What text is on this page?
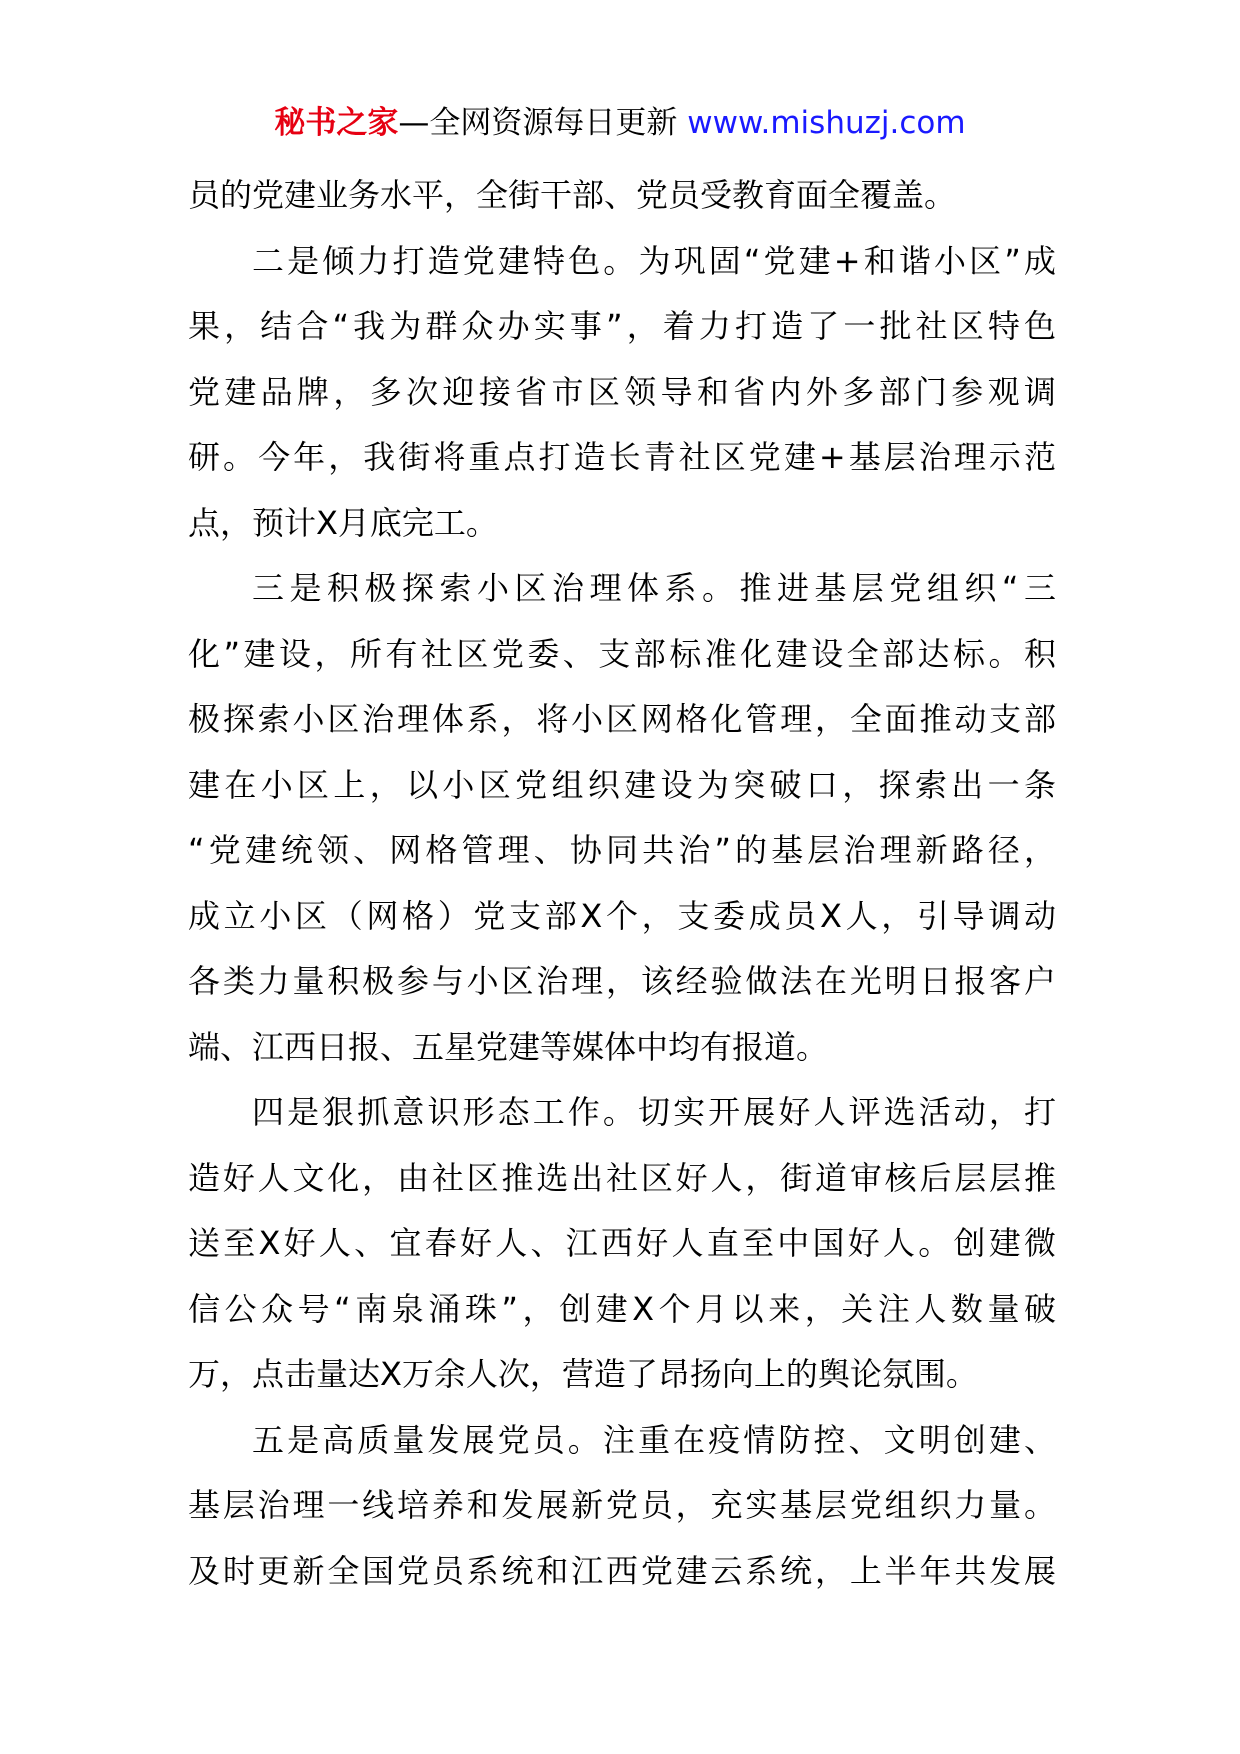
秘书之家—全网资源每日更新 www.mishuzj.com
员的党建业务水平，全街干部、党员受教育面全覆盖。
二是倾力打造党建特色。为巩固“党建+和谐小区”成
果，结合“我为群众办实事”，着力打造了一批社区特色
党建品牌，多次迎接省市区领导和省内外多部门参观调
研。今年，我街将重点打造长青社区党建+基层治理示范
点，预计X月底完工。
三是积极探索小区治理体系。推进基层党组织“三
化”建设，所有社区党委、支部标准化建设全部达标。积
极探索小区治理体系，将小区网格化管理，全面推动支部
建在小区上，以小区党组织建设为突破口，探索出一条
“党建统领、网格管理、协同共治”的基层治理新路径，
成立小区（网格）党支部X个，支委成员X人，引导调动
各类力量积极参与小区治理，该经验做法在光明日报客户
端、江西日报、五星党建等媒体中均有报道。
四是狠抓意识形态工作。切实开展好人评选活动，打
造好人文化，由社区推选出社区好人，街道审核后层层推
送至X好人、宜春好人、江西好人直至中国好人。创建微
信公众号“南泉涌珠”，创建X个月以来，关注人数量破
万，点击量达X万余人次，营造了昂扬向上的舆论氛围。
五是高质量发展党员。注重在疫情防控、文明创建、
基层治理一线培养和发展新党员，充实基层党组织力量。
及时更新全国党员系统和江西党建云系统，上半年共发展
